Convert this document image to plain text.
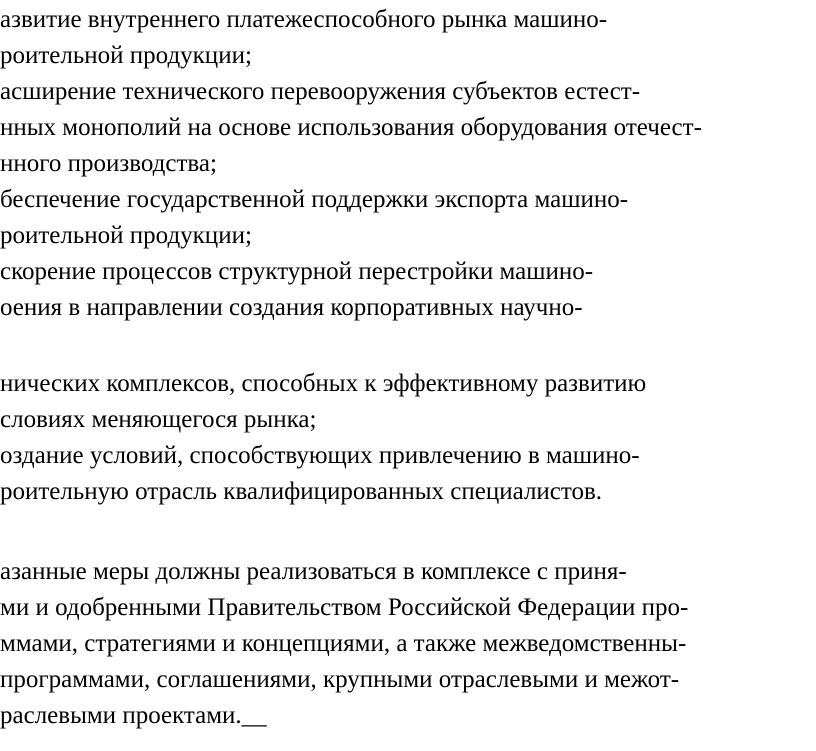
азвитие внутреннего платежеспособного рынка машино-
роительной продукции;
асширение технического перевооружения субъектов естест-
нных монополий на основе использования оборудования отечест-
нного производства;
беспечение государственной поддержки экспорта машино-
роительной продукции;
скорение процессов структурной перестройки машино-
оения в направлении создания корпоративных научно-
нических комплексов, способных к эффективному развитию
словиях меняющегося рынка;
оздание условий, способствующих привлечению в машино-
роительную отрасль квалифицированных специалистов.
азанные меры должны реализоваться в комплексе с приня-
ми и одобренными Правительством Российской Федерации про-
ммами, стратегиями и концепциями, а также межведомственны-
программами, соглашениями, крупными отраслевыми и межот-
раслевыми проектами.__
